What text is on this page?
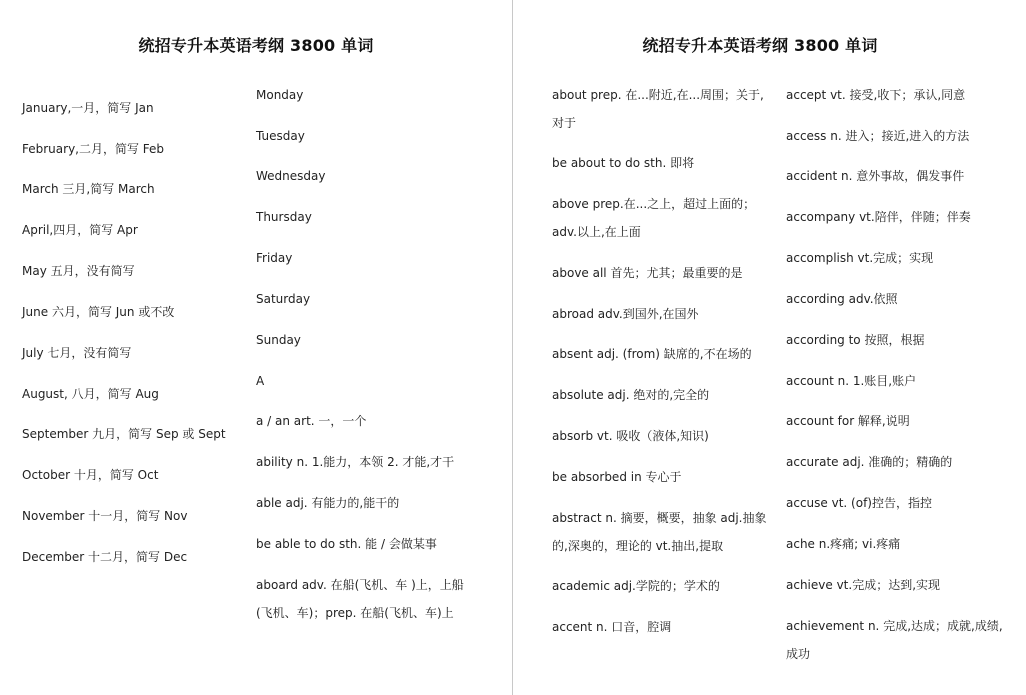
统招专升本英语考纲 3800 单词
January,一月，简写 Jan
February,二月，简写 Feb
March 三月,简写 March
April,四月，简写 Apr
May 五月，没有简写
June 六月，简写 Jun 或不改
July 七月，没有简写
August, 八月，简写 Aug
September 九月，简写 Sep 或 Sept
October 十月，简写 Oct
November 十一月，简写 Nov
December 十二月，简写 Dec
Monday
Tuesday
Wednesday
Thursday
Friday
Saturday
Sunday
A
a / an art. 一，一个
ability n. 1.能力，本领 2. 才能,才干
able adj. 有能力的,能干的
be able to do sth. 能 / 会做某事
aboard adv. 在船(飞机、车 )上，上船(飞机、车)；prep. 在船(飞机、车)上
统招专升本英语考纲 3800 单词
about prep. 在...附近,在...周围；关于,对于
be about to do sth. 即将
above prep.在...之上，超过上面的；adv.以上,在上面
above all 首先；尤其；最重要的是
abroad adv.到国外,在国外
absent adj. (from) 缺席的,不在场的
absolute adj. 绝对的,完全的
absorb vt. 吸收（液体,知识)
be absorbed in 专心于
abstract n. 摘要，概要，抽象 adj.抽象的,深奥的，理论的 vt.抽出,提取
academic adj.学院的；学术的
accent n. 口音，腔调
accept vt. 接受,收下；承认,同意
access n. 进入；接近,进入的方法
accident n. 意外事故，偶发事件
accompany vt.陪伴，伴随；伴奏
accomplish vt.完成；实现
according adv.依照
according to 按照，根据
account n. 1.账目,账户
account for 解释,说明
accurate adj. 准确的；精确的
accuse vt. (of)控告，指控
ache n.疼痛; vi.疼痛
achieve vt.完成；达到,实现
achievement n. 完成,达成；成就,成绩,成功
